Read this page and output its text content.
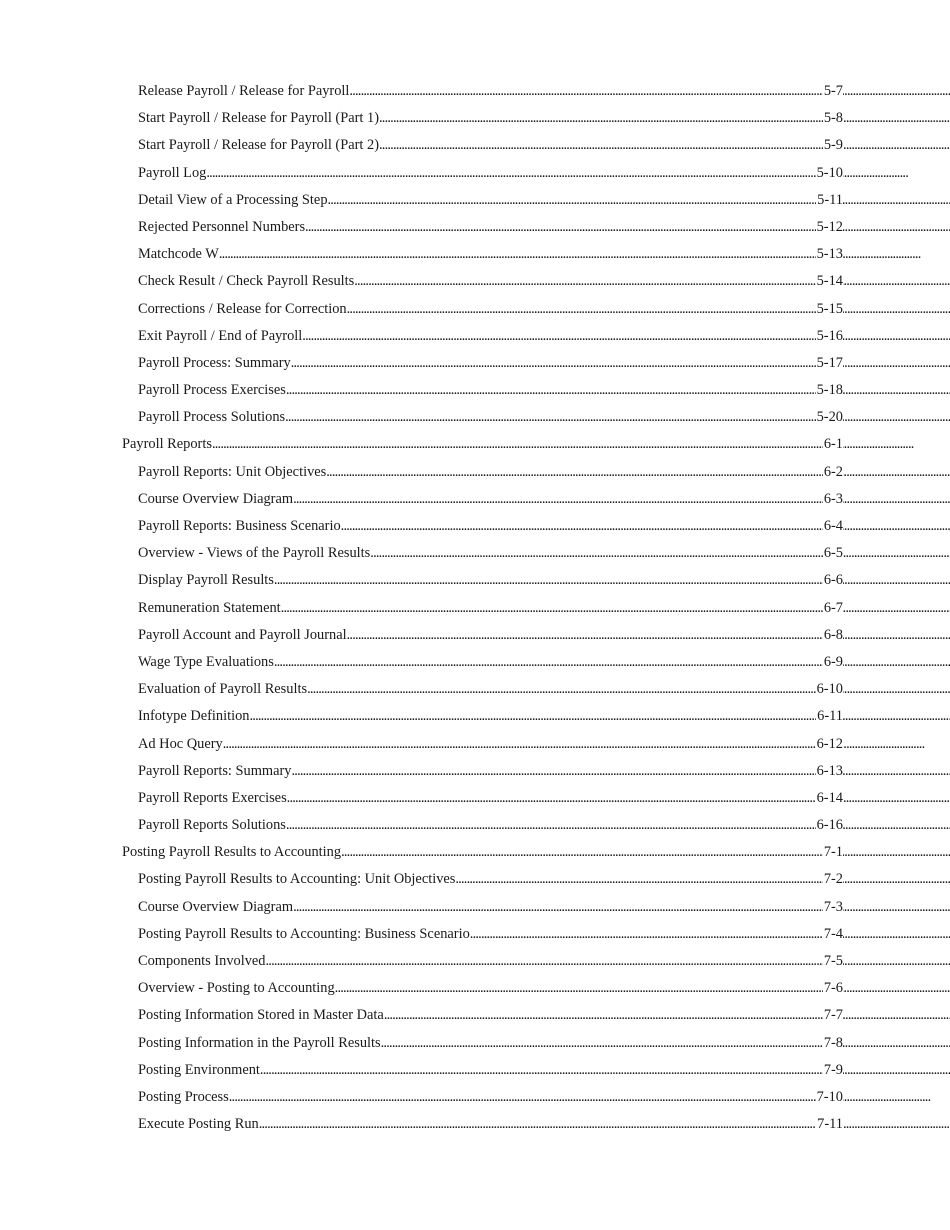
Release Payroll / Release for Payroll . . .	5-7
Start Payroll / Release for Payroll (Part 1) . . .	5-8
Start Payroll / Release for Payroll (Part 2) . . .	5-9
Payroll Log . . .	5-10
Detail View of a Processing Step . . .	5-11
Rejected Personnel Numbers . . .	5-12
Matchcode W . . .	5-13
Check Result / Check Payroll Results . . .	5-14
Corrections / Release for Correction . . .	5-15
Exit Payroll / End of Payroll . . .	5-16
Payroll Process: Summary . . .	5-17
Payroll Process Exercises . . .	5-18
Payroll Process Solutions . . .	5-20
Payroll Reports . . .	6-1
Payroll Reports: Unit Objectives . . .	6-2
Course Overview Diagram . . .	6-3
Payroll Reports: Business Scenario . . .	6-4
Overview - Views of the Payroll Results . . .	6-5
Display Payroll Results . . .	6-6
Remuneration Statement . . .	6-7
Payroll Account and Payroll Journal . . .	6-8
Wage Type Evaluations . . .	6-9
Evaluation of Payroll Results . . .	6-10
Infotype Definition . . .	6-11
Ad Hoc Query . . .	6-12
Payroll Reports: Summary . . .	6-13
Payroll Reports Exercises . . .	6-14
Payroll Reports Solutions . . .	6-16
Posting Payroll Results to Accounting . . .	7-1
Posting Payroll Results to Accounting: Unit Objectives . . .	7-2
Course Overview Diagram . . .	7-3
Posting Payroll Results to Accounting: Business Scenario . . .	7-4
Components Involved . . .	7-5
Overview - Posting to Accounting . . .	7-6
Posting Information Stored in Master Data . . .	7-7
Posting Information in the Payroll Results . . .	7-8
Posting Environment . . .	7-9
Posting Process . . .	7-10
Execute Posting Run . . .	7-11
